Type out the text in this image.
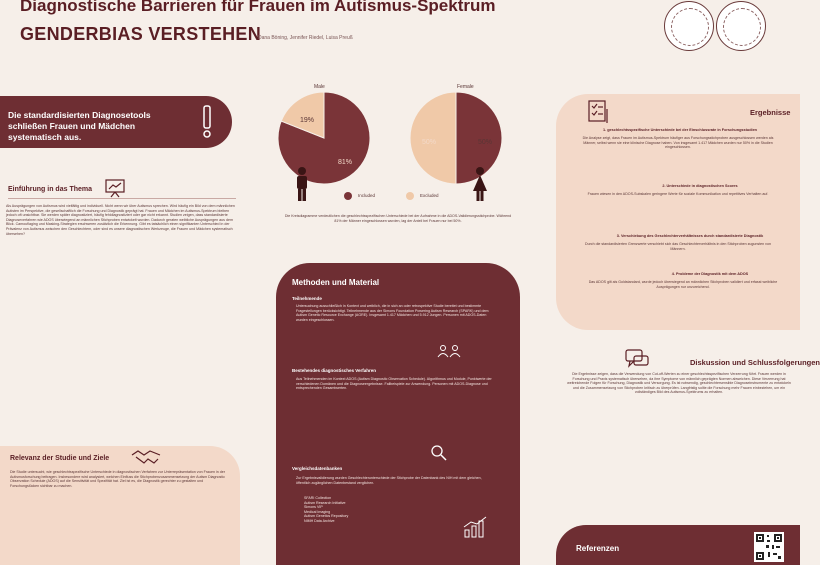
Diagnostische Barrieren für Frauen im Autismus-Spektrum
GENDERBIAS VERSTEHEN
Dana Böning, Jennifer Riedel, Luisa Preuß
Die standardisierten Diagnosetools schließen Frauen und Mädchen systematisch aus.
Einführung in das Thema
Als Ausprägungen von Autismus wird vielfältig und individuell. Nicht wenn wir über Autismus sprechen. Wird häufig ein Bild von dem männlichen Autisten im Perspektive, die gesellschaftlich die Forschung und Diagnostik geprägt hat. Frauen und Mädchen im Autismus-Spektrum bleiben jedoch oft unsichtbar. Sie werden später diagnostiziert, häufig fehldiagnostiziert oder gar nicht erkannt. Studien zeigen, dass standardisierte Diagnoseverfahren wie ADOS überwiegend an männlichen Stichproben entwickelt wurden. Dadurch geraten weibliche Ausprägungen aus dem Blick. Camouflaging und Masking-Strategien erschweren zusätzlich die Erkennung. Gibt es tatsächlich einen signifikanten Unterschied in der Prävalenz von Autismus zwischen den Geschlechtern, oder sind es unsere diagnostischen Werkzeuge, die Frauen und Mädchen systematisch übersehen?
Relevanz der Studie und Ziele
Die Studie untersucht, wie geschlechtsspezifische Unterschiede in diagnostischen Verfahren zur Unterrepräsentation von Frauen in der Autismusforschung beitragen. Insbesondere wird analysiert, welchen Einfluss die Stichprobenzusammensetzung der Autism Diagnostic Observation Schedule (ADOS) auf die Sensitivität und Spezifität hat. Ziel ist es, die Diagnostik gerechter zu gestalten und Forschungslücken sichtbar zu machen.
Male	Female
81%
19%
50%
50%
Included	Excluded
Die Kreisdiagramme verdeutlichen die geschlechtsspezifischen Unterschiede bei der Aufnahme in die ADOS-Validierungsstichprobe. Während 81% der Männer eingeschlossen wurden, lag der Anteil bei Frauen nur bei 50%.
Methoden und Material
Teilnehmende
Untersuchung ausschließlich in Kontext und weiblich, die in sich an oder retrospektive Studie bereitet und bestimmte Fragestellungen berücksichtigt. Teilnehmende aus der Simons Foundation Powering Autism Research (SPARK) und dem Autism Genetic Resource Exchange (AGRE). Insgesamt 1.417 Mädchen und 5.912 Jungen. Personen mit ADOS-Daten wurden eingeschlossen.
Bestehendes diagnostisches Verfahren
Aus Teilnehmenden im Kontext ADOS (Autism Diagnostic Observation Schedule). Algorithmus und Module, Punktwerte der verschiedenen Domänen und die Diagnoseergebnisse. Fallbeispiele zur Anwendung. Personen mit ADOS-Diagnose und entsprechenden Gesamtwerten.
Vergleichsdatenbanken
Zur Ergebnisvalidierung wurden Geschlechterunterschiede der Stichprobe der Datenbank des NIH mit dem gleichen, öffentlich zugänglichen Datenbestand verglichen.
SFARI Collection
Autism Research Initiative
Simons VIP
Medical Imaging
Autism Genetics Repository
NIMH Data Archive
Ergebnisse
1. geschlechtsspezifische Unterschiede bei der Einschlussrate in Forschungsstudien
Die Analyse zeigt, dass Frauen im Autismus-Spektrum häufiger aus Forschungsstichproben ausgeschlossen werden als Männer, selbst wenn sie eine klinische Diagnose haben. Von insgesamt 1.417 Mädchen wurden nur 50% in die Studien eingeschlossen.
2. Unterschiede in diagnostischen Scores
Frauen wiesen in den ADOS-Subskalen geringere Werte für soziale Kommunikation und repetitives Verhalten auf.
3. Verschiebung des Geschlechterverhältnisses durch standardisierte Diagnostik
Durch die standardisierten Grenzwerte verschiebt sich das Geschlechterverhältnis in den Stichproben zugunsten von Männern.
4. Probleme der Diagnostik mit dem ADOS
Das ADOS gilt als Goldstandard, wurde jedoch überwiegend an männlichen Stichproben validiert und erfasst weibliche Ausprägungen nur unzureichend.
Diskussion und Schlussfolgerungen
Die Ergebnisse zeigen, dass die Verwendung von Cut-off-Werten zu einer geschlechtsspezifischen Verzerrung führt. Frauen werden in Forschung und Praxis systematisch übersehen, da ihre Symptome von männlich geprägten Normen abweichen. Diese Verzerrung hat weitreichende Folgen für Forschung, Diagnostik und Versorgung. Es ist notwendig, geschlechtersensible Diagnoseinstrumente zu entwickeln und die Zusammensetzung von Stichproben kritisch zu überprüfen. Langfristig sollte die Forschung mehr Frauen einbeziehen, um ein vollständiges Bild des Autismus-Spektrums zu erhalten.
Referenzen
